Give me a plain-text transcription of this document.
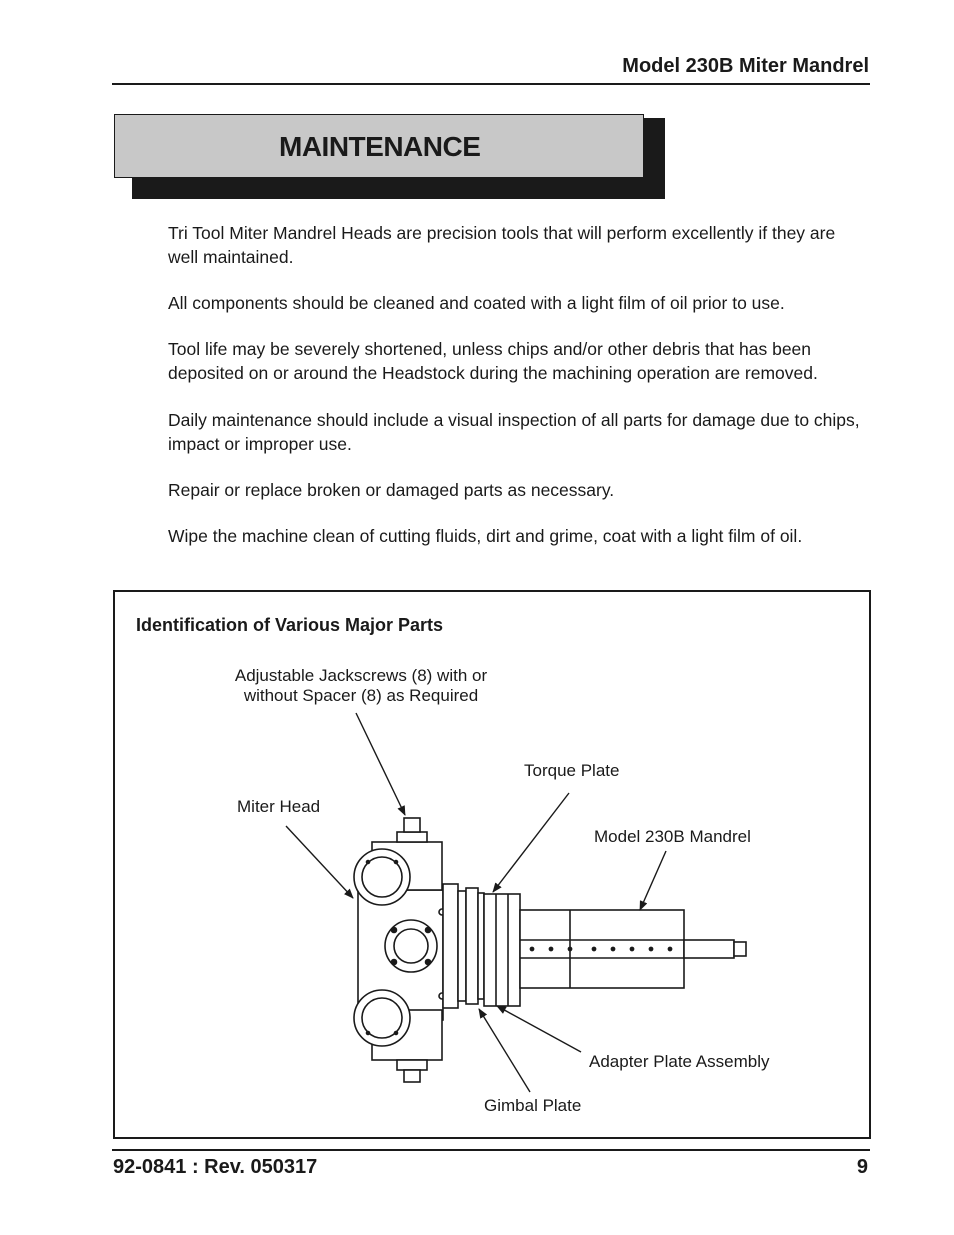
Model 230B Miter Mandrel
MAINTENANCE

Tri Tool Miter Mandrel Heads are precision tools that will perform excellently if they are well maintained.

All components should be cleaned and coated with a light film of oil prior to use.

Tool life may be severely shortened, unless chips and/or other debris that has been deposited on or around the Headstock during the machining operation are removed.

Daily maintenance should include a visual inspection of all parts for damage due to chips, impact or improper use.

Repair or replace broken or damaged parts as necessary.

Wipe the machine clean of cutting fluids, dirt and grime, coat with a light film of oil.

Identification of Various Major Parts
Adjustable Jackscrews (8) with or
without Spacer (8) as Required
Torque Plate
Miter Head
Model 230B Mandrel
Adapter Plate Assembly
Gimbal Plate
92-0841 : Rev. 050317	9
